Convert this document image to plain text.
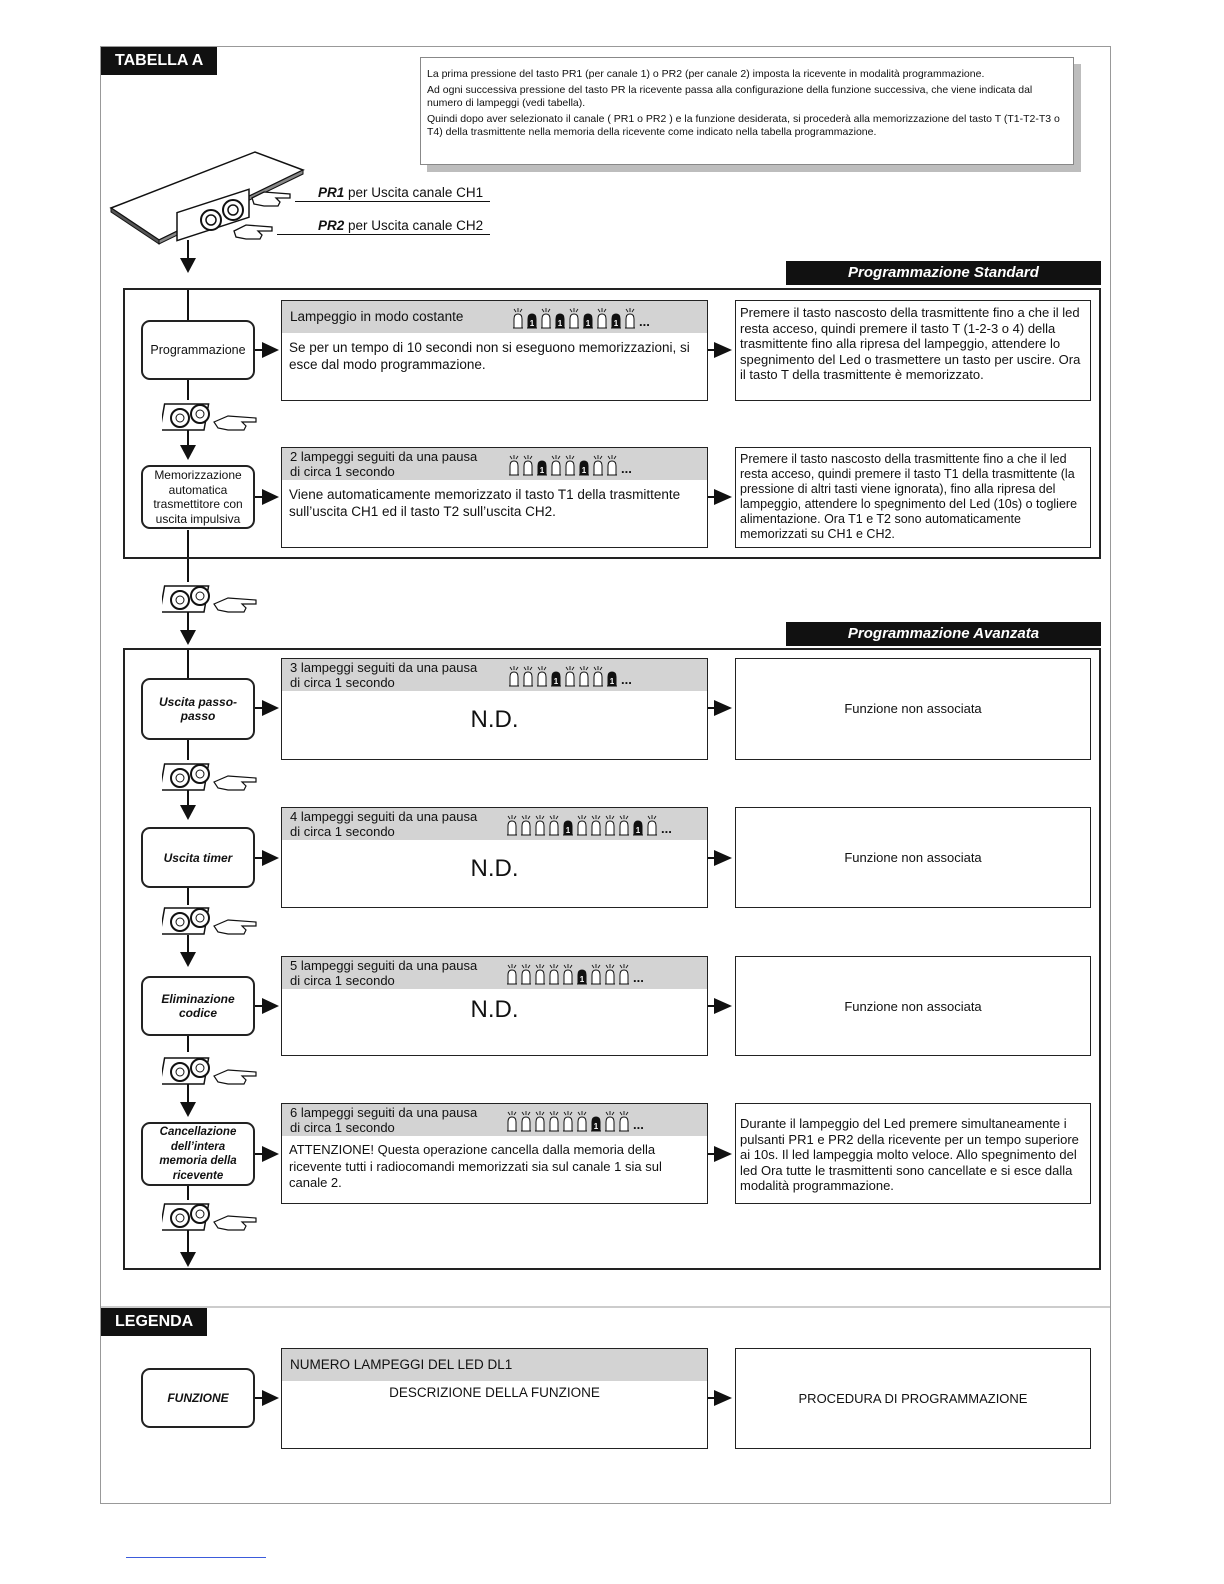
TABELLA A

La prima pressione del tasto PR1 (per canale 1) o PR2 (per canale 2) imposta la ricevente in modalità programmazione.

Ad ogni successiva pressione del tasto PR la ricevente passa alla configurazione della funzione successiva, che viene indicata dal numero di lampeggi (vedi tabella).

Quindi dopo aver selezionato il canale ( PR1 o PR2 ) e la funzione desiderata, si procederà alla memorizzazione del tasto T (T1-T2-T3 o T4) della trasmittente nella memoria della ricevente come indicato nella tabella programmazione.

PR1 per Uscita canale CH1
PR2 per Uscita canale CH2
Programmazione Standard
Programmazione
Lampeggio in modo costante	1	1	1	1 ...
Se per un tempo di 10 secondi non si eseguono memorizzazioni, si esce dal modo programmazione.
Premere il tasto nascosto della trasmittente fino a che il led resta acceso, quindi premere il tasto T (1-2-3 o 4) della trasmittente fino alla ripresa del lampeggio, attendere lo spegnimento del Led o trasmettere un tasto per uscire. Ora il tasto T della trasmittente è memorizzato.
Memorizzazione automatica trasmettitore con uscita impulsiva
2 lampeggi seguiti da una pausa
di circa 1 secondo	1	1	...
Viene automaticamente memorizzato il tasto T1 della trasmittente sull’uscita CH1 ed il tasto T2 sull’uscita CH2.
Premere il tasto nascosto della trasmittente fino a che il led resta acceso, quindi premere il tasto T1 della trasmittente (la pressione di altri tasti viene ignorata), fino alla ripresa del lampeggio, attendere lo spegnimento del Led (10s) o togliere alimentazione. Ora T1 e T2 sono automaticamente memorizzati su CH1 e CH2.
Programmazione Avanzata
Uscita passo-passo
3 lampeggi seguiti da una pausa
di circa 1 secondo	1	1 ...
N.D.	Funzione non associata
Uscita timer
4 lampeggi seguiti da una pausa
di circa 1 secondo	1	1 ...
N.D.	Funzione non associata
Eliminazione codice
5 lampeggi seguiti da una pausa
di circa 1 secondo	1	...
N.D.	Funzione non associata
Cancellazione dell’intera memoria della ricevente
6 lampeggi seguiti da una pausa
di circa 1 secondo	1	...
ATTENZIONE! Questa operazione cancella dalla memoria della ricevente tutti i radiocomandi memorizzati sia sul canale 1 sia sul canale 2.
Durante il lampeggio del Led premere simultaneamente i pulsanti PR1 e PR2 della ricevente per un tempo superiore ai 10s. Il led lampeggia molto veloce. Allo spegnimento del led Ora tutte le trasmittenti sono cancellate e si esce dalla modalità programmazione.
LEGENDA
FUNZIONE
NUMERO LAMPEGGI DEL LED DL1
DESCRIZIONE DELLA FUNZIONE	PROCEDURA DI PROGRAMMAZIONE
